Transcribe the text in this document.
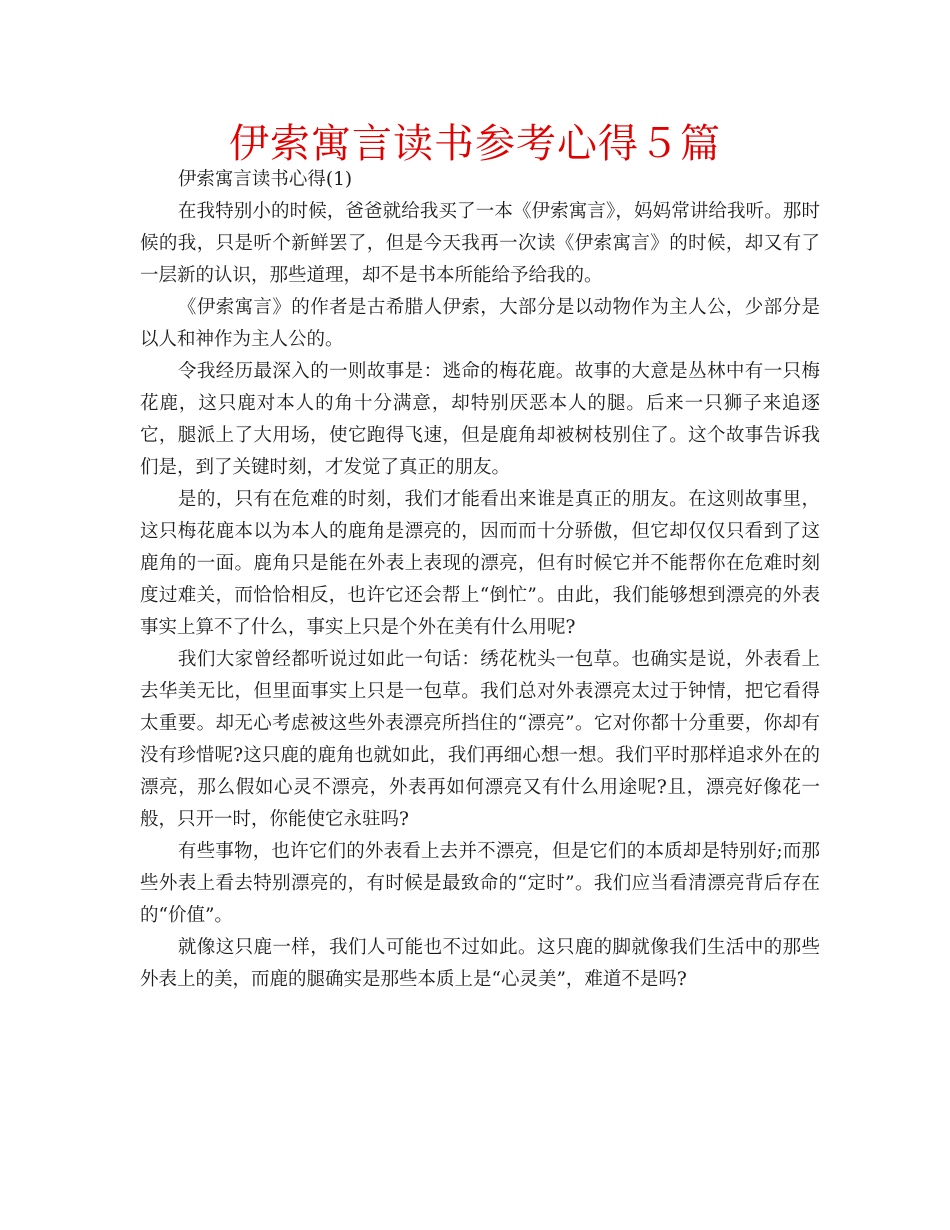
伊索寓言读书参考心得５篇

伊索寓言读书心得(1)

在我特别小的时候，爸爸就给我买了一本《伊索寓言》，妈妈常讲给我听。那时候的我，只是听个新鲜罢了，但是今天我再一次读《伊索寓言》的时候，却又有了一层新的认识，那些道理，却不是书本所能给予给我的。

《伊索寓言》的作者是古希腊人伊索，大部分是以动物作为主人公，少部分是以人和神作为主人公的。

令我经历最深入的一则故事是：逃命的梅花鹿。故事的大意是丛林中有一只梅花鹿，这只鹿对本人的角十分满意，却特别厌恶本人的腿。后来一只狮子来追逐它，腿派上了大用场，使它跑得飞速，但是鹿角却被树枝别住了。这个故事告诉我们是，到了关键时刻，才发觉了真正的朋友。

是的，只有在危难的时刻，我们才能看出来谁是真正的朋友。在这则故事里，这只梅花鹿本以为本人的鹿角是漂亮的，因而而十分骄傲，但它却仅仅只看到了这鹿角的一面。鹿角只是能在外表上表现的漂亮，但有时候它并不能帮你在危难时刻度过难关，而恰恰相反，也许它还会帮上“倒忙”。由此，我们能够想到漂亮的外表事实上算不了什么，事实上只是个外在美有什么用呢?

我们大家曾经都听说过如此一句话：绣花枕头一包草。也确实是说，外表看上去华美无比，但里面事实上只是一包草。我们总对外表漂亮太过于钟情，把它看得太重要。却无心考虑被这些外表漂亮所挡住的“漂亮”。它对你都十分重要，你却有没有珍惜呢?这只鹿的鹿角也就如此，我们再细心想一想。我们平时那样追求外在的漂亮，那么假如心灵不漂亮，外表再如何漂亮又有什么用途呢?且，漂亮好像花一般，只开一时，你能使它永驻吗?

有些事物，也许它们的外表看上去并不漂亮，但是它们的本质却是特别好;而那些外表上看去特别漂亮的，有时候是最致命的“定时”。我们应当看清漂亮背后存在的“价值”。

就像这只鹿一样，我们人可能也不过如此。这只鹿的脚就像我们生活中的那些外表上的美，而鹿的腿确实是那些本质上是“心灵美”，难道不是吗?
